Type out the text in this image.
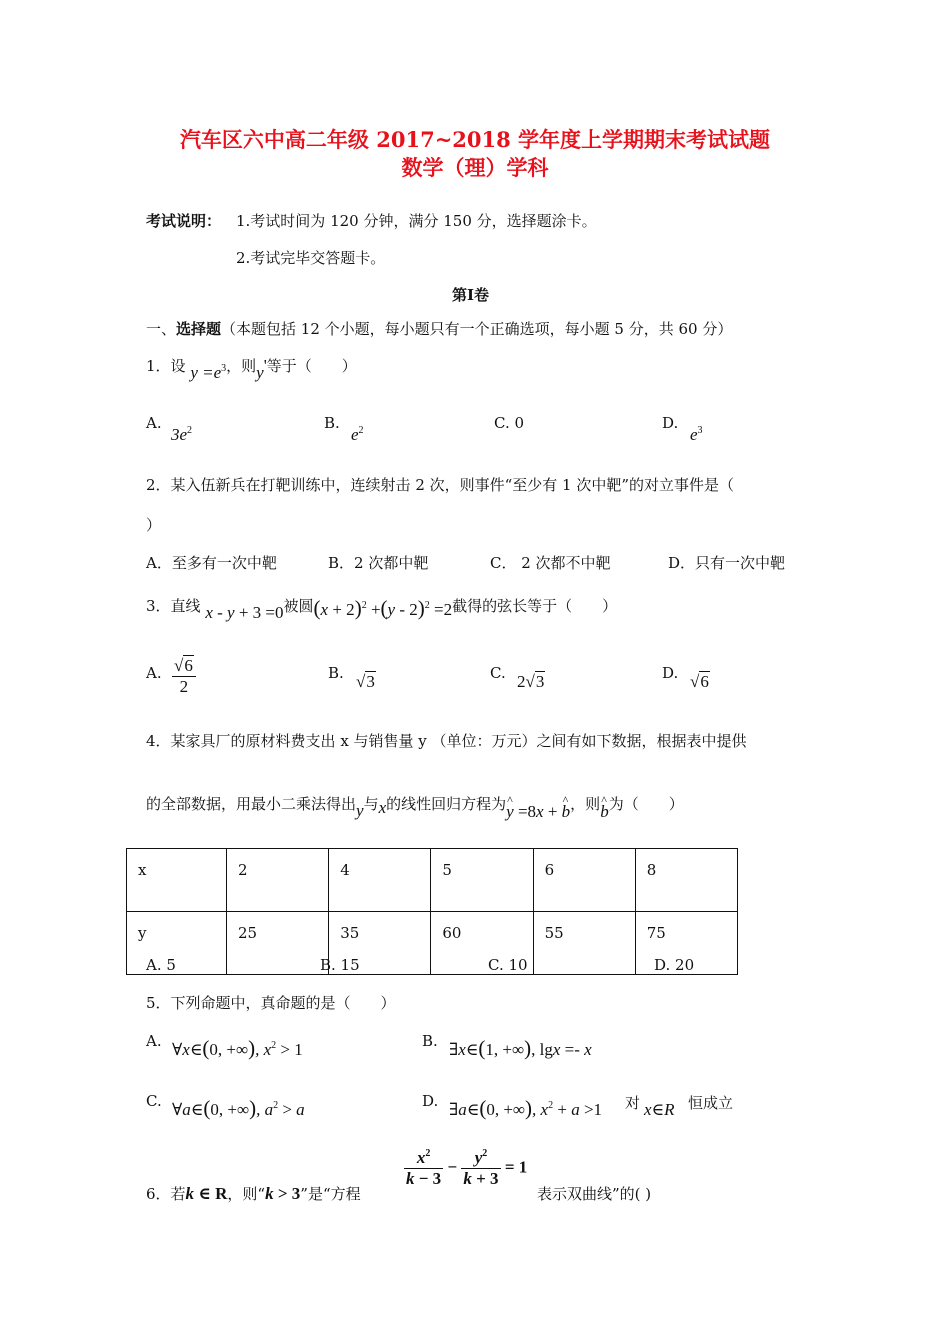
汽车区六中高二年级 2017~2018 学年度上学期期末考试试题
数学（理）学科
考试说明： 1.考试时间为 120 分钟，满分 150 分，选择题涂卡。
2.考试完毕交答题卡。
第Ⅰ卷
一、选择题（本题包括 12 个小题，每小题只有一个正确选项，每小题 5 分，共 60 分）
1．设 $y =e^3$，则y'等于（　　）
A.
$3e^2$	B.
$e^2$	C. 0	D.
$e^3$
2．某入伍新兵在打靶训练中，连续射击 2 次，则事件“至少有 1 次中靶”的对立事件是（
）
A．至多有一次中靶	B．2 次都中靶	C． 2 次都不中靶	D．只有一次中靶
3．直线 x - y + 3 =0被圆$(x + 2)^2 +(y - 2)^2 =2$截得的弦长等于（　　）
A. $\frac{√6}{2}$	B. √3	C. 2√3	D. √6
4．某家具厂的原材料费支出 x 与销售量 y （单位：万元）之间有如下数据，根据表中提供
的全部数据，用最小二乘法得出y与x的线性回归方程为^ y =8x + ^ b，则^ b为（　　）
x	2	4	5	6	8
y	25	35	60	55	75
A. 5	B. 15	C. 10	D. 20
5．下列命题中，真命题的是（　　）
A. ∀x∈(0, +∞), $x^2 > 1$	B. ∃x∈(1, +∞), lgx =- x
C. ∀a∈(0, +∞), $a^2 > a$	D. ∃a∈(0, +∞), $x^2 + a >1$ 对 x∈R 恒成立
6．若k ∈ R，则“k > 3”是“方程
$\frac{x^2}{k - 3} - \frac{y^2}{k + 3} = 1$
表示双曲线”的( )
